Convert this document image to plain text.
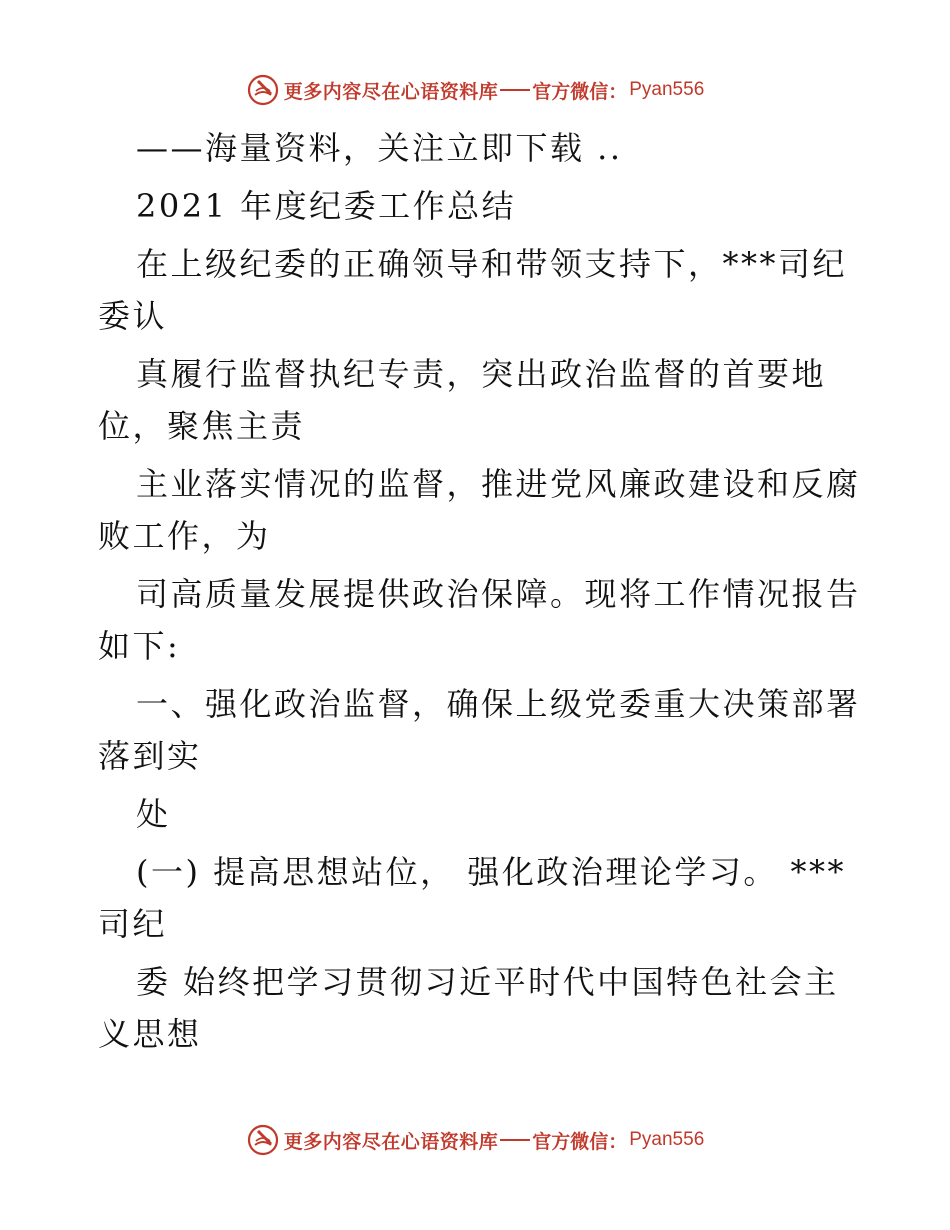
更多内容尽在心语资料库 官方微信： Pyan556
——海量资料，关注立即下载 ..
2021 年度纪委工作总结
在上级纪委的正确领导和带领支持下，***司纪
委认
真履行监督执纪专责，突出政治监督的首要地
位，聚焦主责
主业落实情况的监督，推进党风廉政建设和反腐
败工作，为
司高质量发展提供政治保障。现将工作情况报告
如下:
一、强化政治监督，确保上级党委重大决策部署
落到实
处
(一) 提高思想站位， 强化政治理论学习。 ***
司纪
委 始终把学习贯彻习近平时代中国特色社会主
义思想
更多内容尽在心语资料库 官方微信： Pyan556
